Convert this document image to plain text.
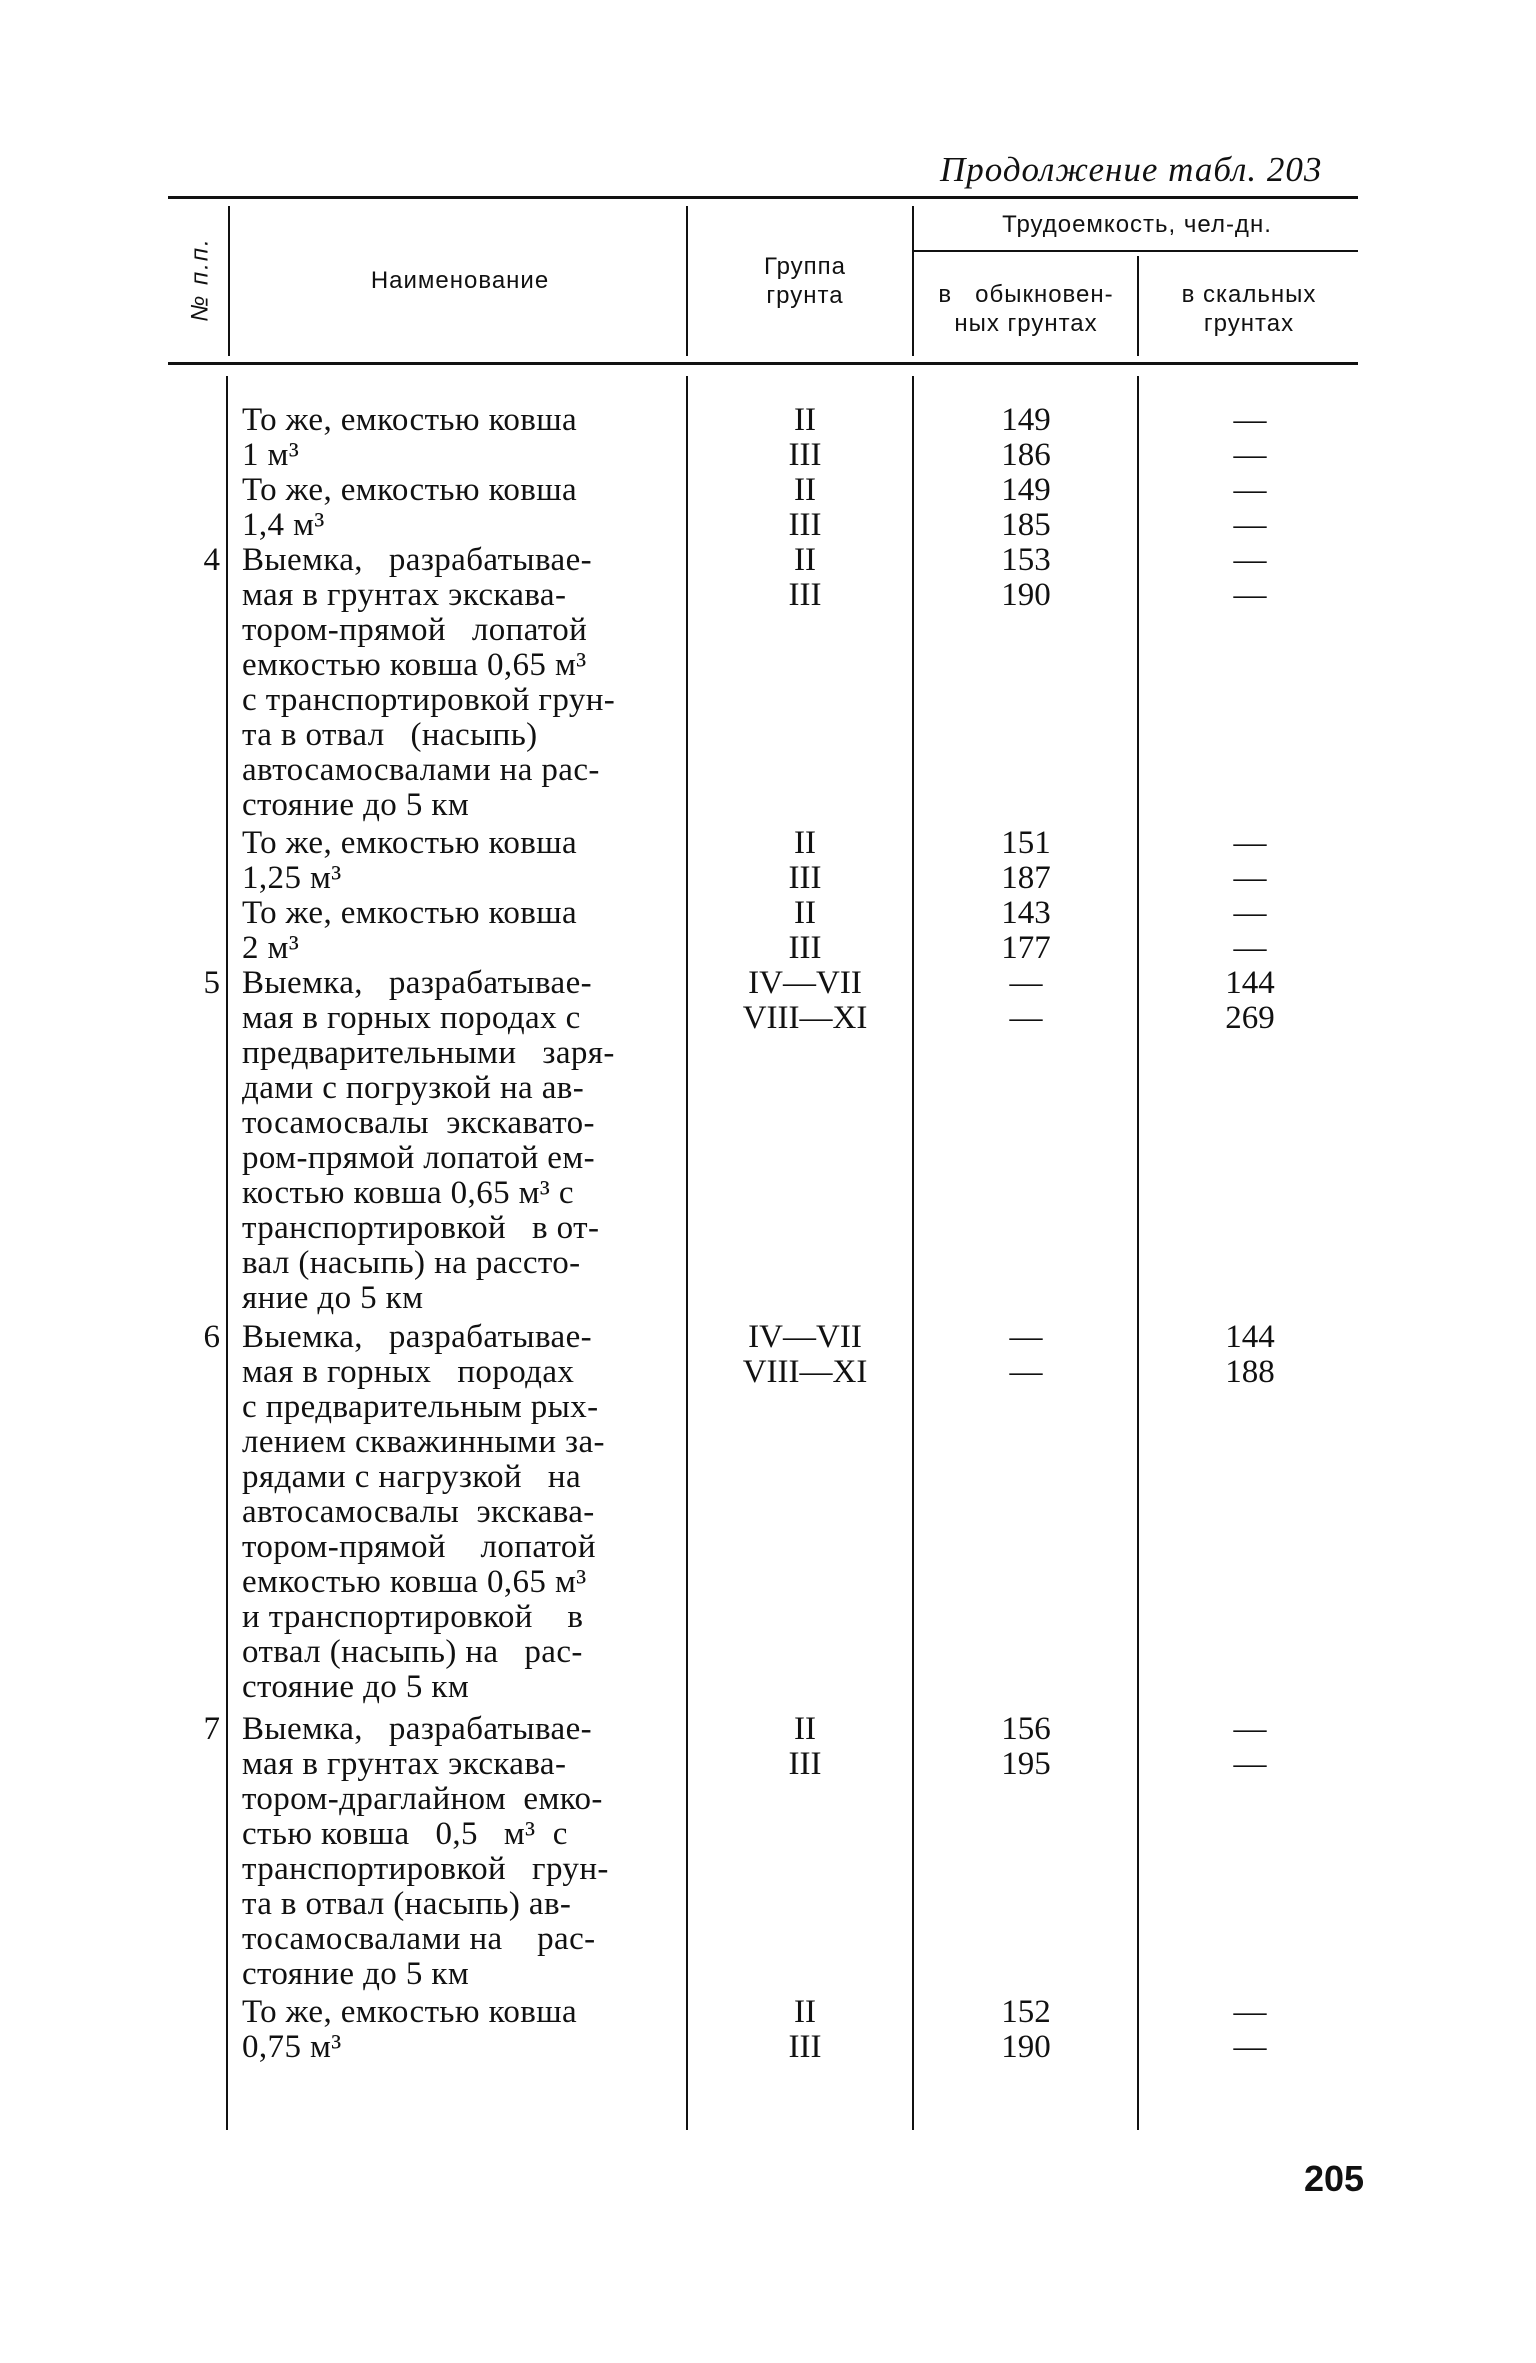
Продолжение табл. 203
№ п.п.	Наименование
Группа
грунта
Трудоемкость, чел-дн.
в   обыкновен-
ных грунтах
в скальных
грунтах
То же, емкостью ковша
1 м³
II
III
149
186
—
—
То же, емкостью ковша
1,4 м³
II
III
149
185
—
—
4 Выемка,   разрабатывае-
мая в грунтах экскава-
тором-прямой   лопатой
емкостью ковша 0,65 м³
с транспортировкой грун-
та в отвал   (насыпь)
автосамосвалами на рас-
стояние до 5 км
II
III
153
190
—
—
То же, емкостью ковша
1,25 м³
II
III
151
187
—
—
То же, емкостью ковша
2 м³
II
III
143
177
—
—
5 Выемка,   разрабатывае-
мая в горных породах с
предварительными   заря-
дами с погрузкой на ав-
тосамосвалы  экскавато-
ром-прямой лопатой ем-
костью ковша 0,65 м³ с
транспортировкой   в от-
вал (насыпь) на рассто-
яние до 5 км
IV—VII
VIII—XI
—
—
144
269
6 Выемка,   разрабатывае-
мая в горных   породах
с предварительным рых-
лением скважинными за-
рядами с нагрузкой   на
автосамосвалы  экскава-
тором-прямой    лопатой
емкостью ковша 0,65 м³
и транспортировкой    в
отвал (насыпь) на   рас-
стояние до 5 км
IV—VII
VIII—XI
—
—
144
188
7 Выемка,   разрабатывае-
мая в грунтах экскава-
тором-драглайном  емко-
стью ковша   0,5   м³  с
транспортировкой   грун-
та в отвал (насыпь) ав-
тосамосвалами на    рас-
стояние до 5 км
II
III
156
195
—
—
То же, емкостью ковша
0,75 м³
II
III
152
190
—
—
205
